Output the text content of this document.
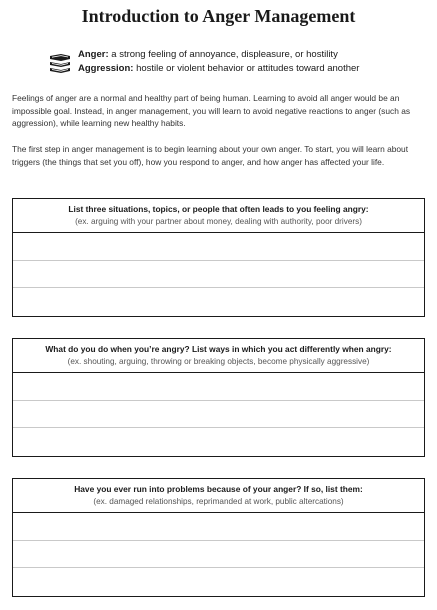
Introduction to Anger Management
Anger: a strong feeling of annoyance, displeasure, or hostility
Aggression: hostile or violent behavior or attitudes toward another

Feelings of anger are a normal and healthy part of being human. Learning to avoid all anger would be an impossible goal. Instead, in anger management, you will learn to avoid negative reactions to anger (such as aggression), while learning new healthy habits.

The first step in anger management is to begin learning about your own anger. To start, you will learn about triggers (the things that set you off), how you respond to anger, and how anger has affected your life.

List three situations, topics, or people that often leads to you feeling angry:
(ex. arguing with your partner about money, dealing with authority, poor drivers)
What do you do when you’re angry? List ways in which you act differently when angry:
(ex. shouting, arguing, throwing or breaking objects, become physically aggressive)
Have you ever run into problems because of your anger? If so, list them:
(ex. damaged relationships, reprimanded at work, public altercations)
